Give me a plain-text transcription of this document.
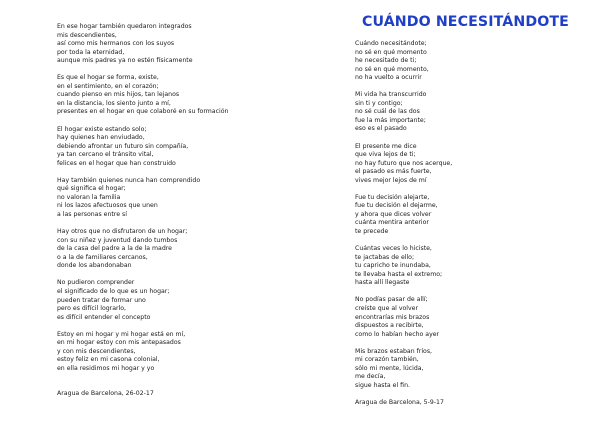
En ese hogar también quedaron integrados
mis descendientes,
así como mis hermanos con los suyos
por toda la eternidad,
aunque mis padres ya no estén físicamente
Es que el hogar se forma, existe,
en el sentimiento, en el corazón;
cuando pienso en mis hijos, tan lejanos
en la distancia, los siento junto a mí,
presentes en el hogar en que colaboré en su formación
El hogar existe estando solo;
hay quienes han enviudado,
debiendo afrontar un futuro sin compañía,
ya tan cercano el tránsito vital,
felices en el hogar que han construido
Hay también quienes nunca han comprendido
qué significa el hogar;
no valoran la familia
ni los lazos afectuosos que unen
a las personas entre sí
Hay otros que no disfrutaron de un hogar;
con su niñez y juventud dando tumbos
de la casa del padre a la de la madre
o a la de familiares cercanos,
donde los abandonaban
No pudieron comprender
el significado de lo que es un hogar;
pueden tratar de formar uno
pero es difícil lograrlo,
es difícil entender el concepto
Estoy en mi hogar y mi hogar está en mí,
en mi hogar estoy con mis antepasados
y con mis descendientes,
estoy feliz en mi casona colonial,
en ella residimos mi hogar y yo
Aragua de Barcelona, 26-02-17
CUÁNDO NECESITÁNDOTE
Cuándo necesitándote;
no sé en qué momento
he necesitado de ti;
no sé en qué momento,
no ha vuelto a ocurrir
Mi vida ha transcurrido
sin ti y contigo;
no sé cuál de las dos
fue la más importante;
eso es el pasado
El presente me dice
que viva lejos de ti;
no hay futuro que nos acerque,
el pasado es más fuerte,
vives mejor lejos de mí
Fue tu decisión alejarte,
fue tu decisión el dejarme,
y ahora que dices volver
cuánta mentira anterior
te precede
Cuántas veces lo hiciste,
te jactabas de ello;
tu capricho te inundaba,
te llevaba hasta el extremo;
hasta allí llegaste
No podías pasar de allí;
creíste que al volver
encontrarías mis brazos
dispuestos a recibirte,
como lo habían hecho ayer
Mis brazos estaban fríos,
mi corazón también,
sólo mi mente, lúcida,
me decía,
sigue hasta el fin.
Aragua de Barcelona, 5-9-17
